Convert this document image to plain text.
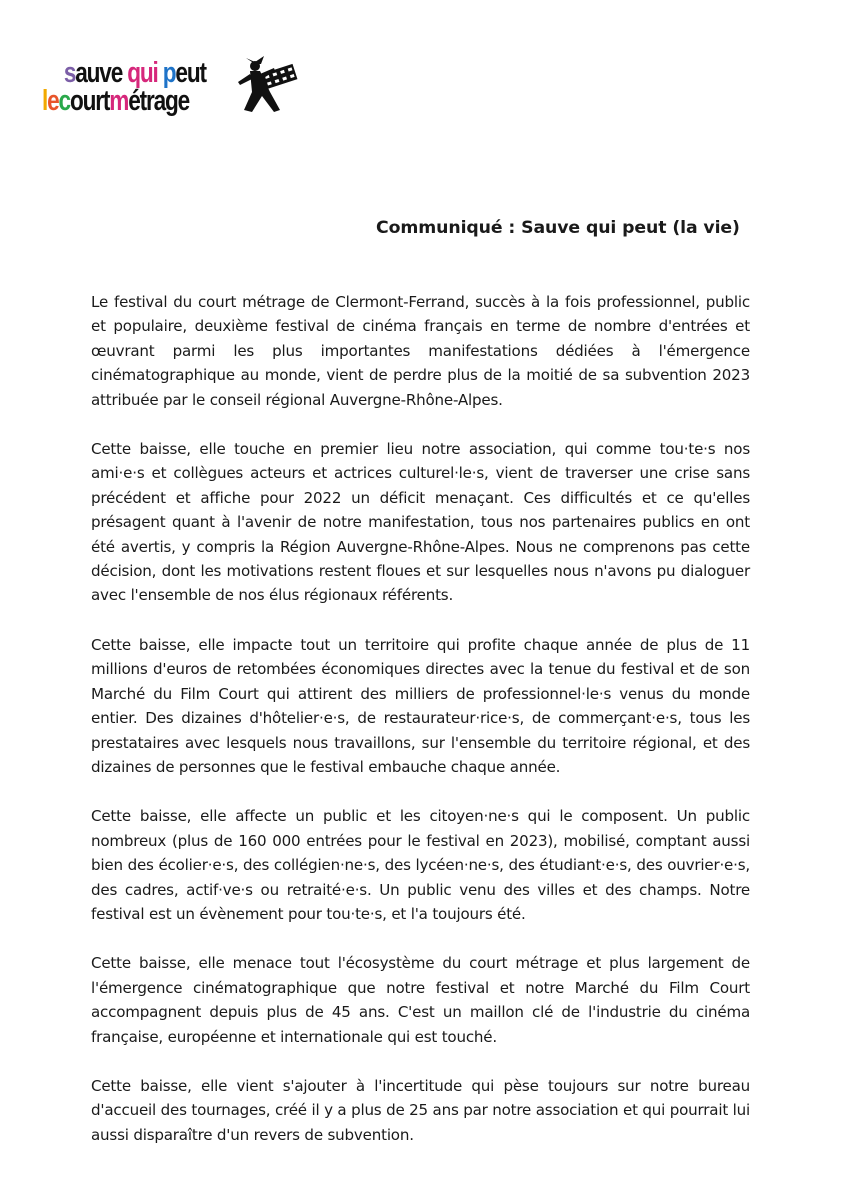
sauve qui peut
lecourtmétrage
Communiqué : Sauve qui peut (la vie)

Le festival du court métrage de Clermont-Ferrand, succès à la fois professionnel, public et populaire, deuxième festival de cinéma français en terme de nombre d'entrées et œuvrant parmi les plus importantes manifestations dédiées à l'émergence cinématographique au monde, vient de perdre plus de la moitié de sa subvention 2023 attribuée par le conseil régional Auvergne-Rhône-Alpes.

Cette baisse, elle touche en premier lieu notre association, qui comme tou·te·s nos ami·e·s et collègues acteurs et actrices culturel·le·s, vient de traverser une crise sans précédent et affiche pour 2022 un déficit menaçant. Ces difficultés et ce qu'elles présagent quant à l'avenir de notre manifestation, tous nos partenaires publics en ont été avertis, y compris la Région Auvergne-Rhône-Alpes. Nous ne comprenons pas cette décision, dont les motivations restent floues et sur lesquelles nous n'avons pu dialoguer avec l'ensemble de nos élus régionaux référents.

Cette baisse, elle impacte tout un territoire qui profite chaque année de plus de 11 millions d'euros de retombées économiques directes avec la tenue du festival et de son Marché du Film Court qui attirent des milliers de professionnel·le·s venus du monde entier. Des dizaines d'hôtelier·e·s, de restaurateur·rice·s, de commerçant·e·s, tous les prestataires avec lesquels nous travaillons, sur l'ensemble du territoire régional, et des dizaines de personnes que le festival embauche chaque année.

Cette baisse, elle affecte un public et les citoyen·ne·s qui le composent. Un public nombreux (plus de 160 000 entrées pour le festival en 2023), mobilisé, comptant aussi bien des écolier·e·s, des collégien·ne·s, des lycéen·ne·s, des étudiant·e·s, des ouvrier·e·s, des cadres, actif·ve·s ou retraité·e·s. Un public venu des villes et des champs. Notre festival est un évènement pour tou·te·s, et l'a toujours été.

Cette baisse, elle menace tout l'écosystème du court métrage et plus largement de l'émergence cinématographique que notre festival et notre Marché du Film Court accompagnent depuis plus de 45 ans. C'est un maillon clé de l'industrie du cinéma française, européenne et internationale qui est touché.

Cette baisse, elle vient s'ajouter à l'incertitude qui pèse toujours sur notre bureau d'accueil des tournages, créé il y a plus de 25 ans par notre association et qui pourrait lui aussi disparaître d'un revers de subvention.
